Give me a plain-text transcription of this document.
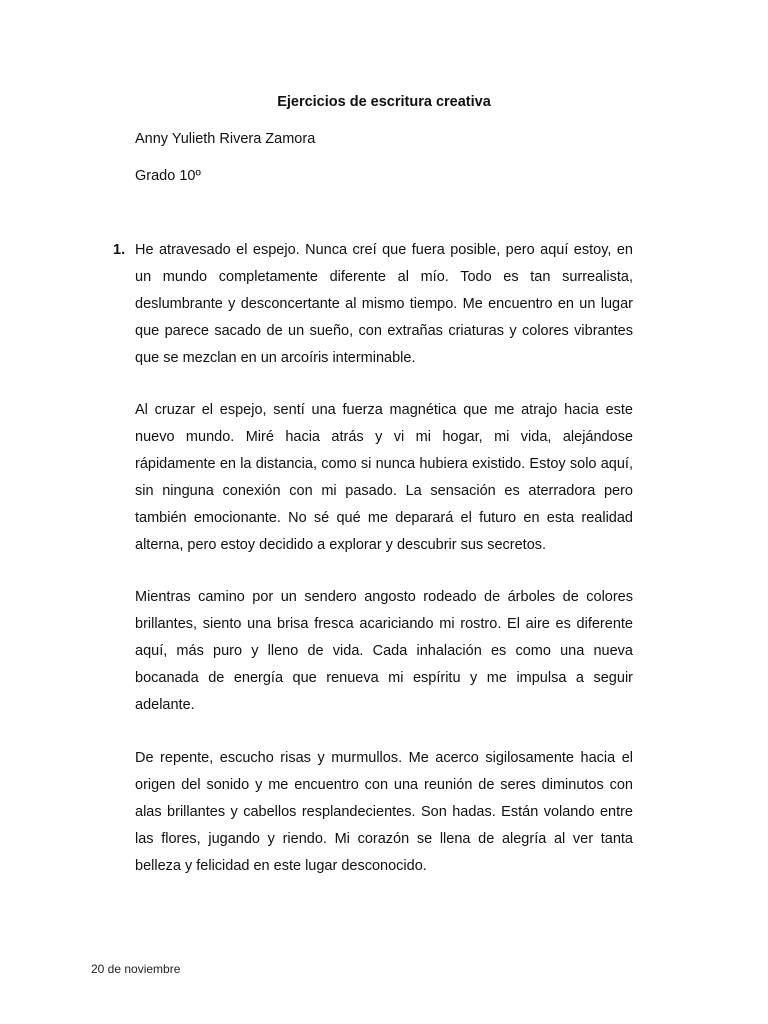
Ejercicios de escritura creativa
Anny Yulieth Rivera Zamora
Grado 10º
1. He atravesado el espejo. Nunca creí que fuera posible, pero aquí estoy, en un mundo completamente diferente al mío. Todo es tan surrealista, deslumbrante y desconcertante al mismo tiempo. Me encuentro en un lugar que parece sacado de un sueño, con extrañas criaturas y colores vibrantes que se mezclan en un arcoíris interminable.

Al cruzar el espejo, sentí una fuerza magnética que me atrajo hacia este nuevo mundo. Miré hacia atrás y vi mi hogar, mi vida, alejándose rápidamente en la distancia, como si nunca hubiera existido. Estoy solo aquí, sin ninguna conexión con mi pasado. La sensación es aterradora pero también emocionante. No sé qué me deparará el futuro en esta realidad alterna, pero estoy decidido a explorar y descubrir sus secretos.

Mientras camino por un sendero angosto rodeado de árboles de colores brillantes, siento una brisa fresca acariciando mi rostro. El aire es diferente aquí, más puro y lleno de vida. Cada inhalación es como una nueva bocanada de energía que renueva mi espíritu y me impulsa a seguir adelante.

De repente, escucho risas y murmullos. Me acerco sigilosamente hacia el origen del sonido y me encuentro con una reunión de seres diminutos con alas brillantes y cabellos resplandecientes. Son hadas. Están volando entre las flores, jugando y riendo. Mi corazón se llena de alegría al ver tanta belleza y felicidad en este lugar desconocido.

20 de noviembre
